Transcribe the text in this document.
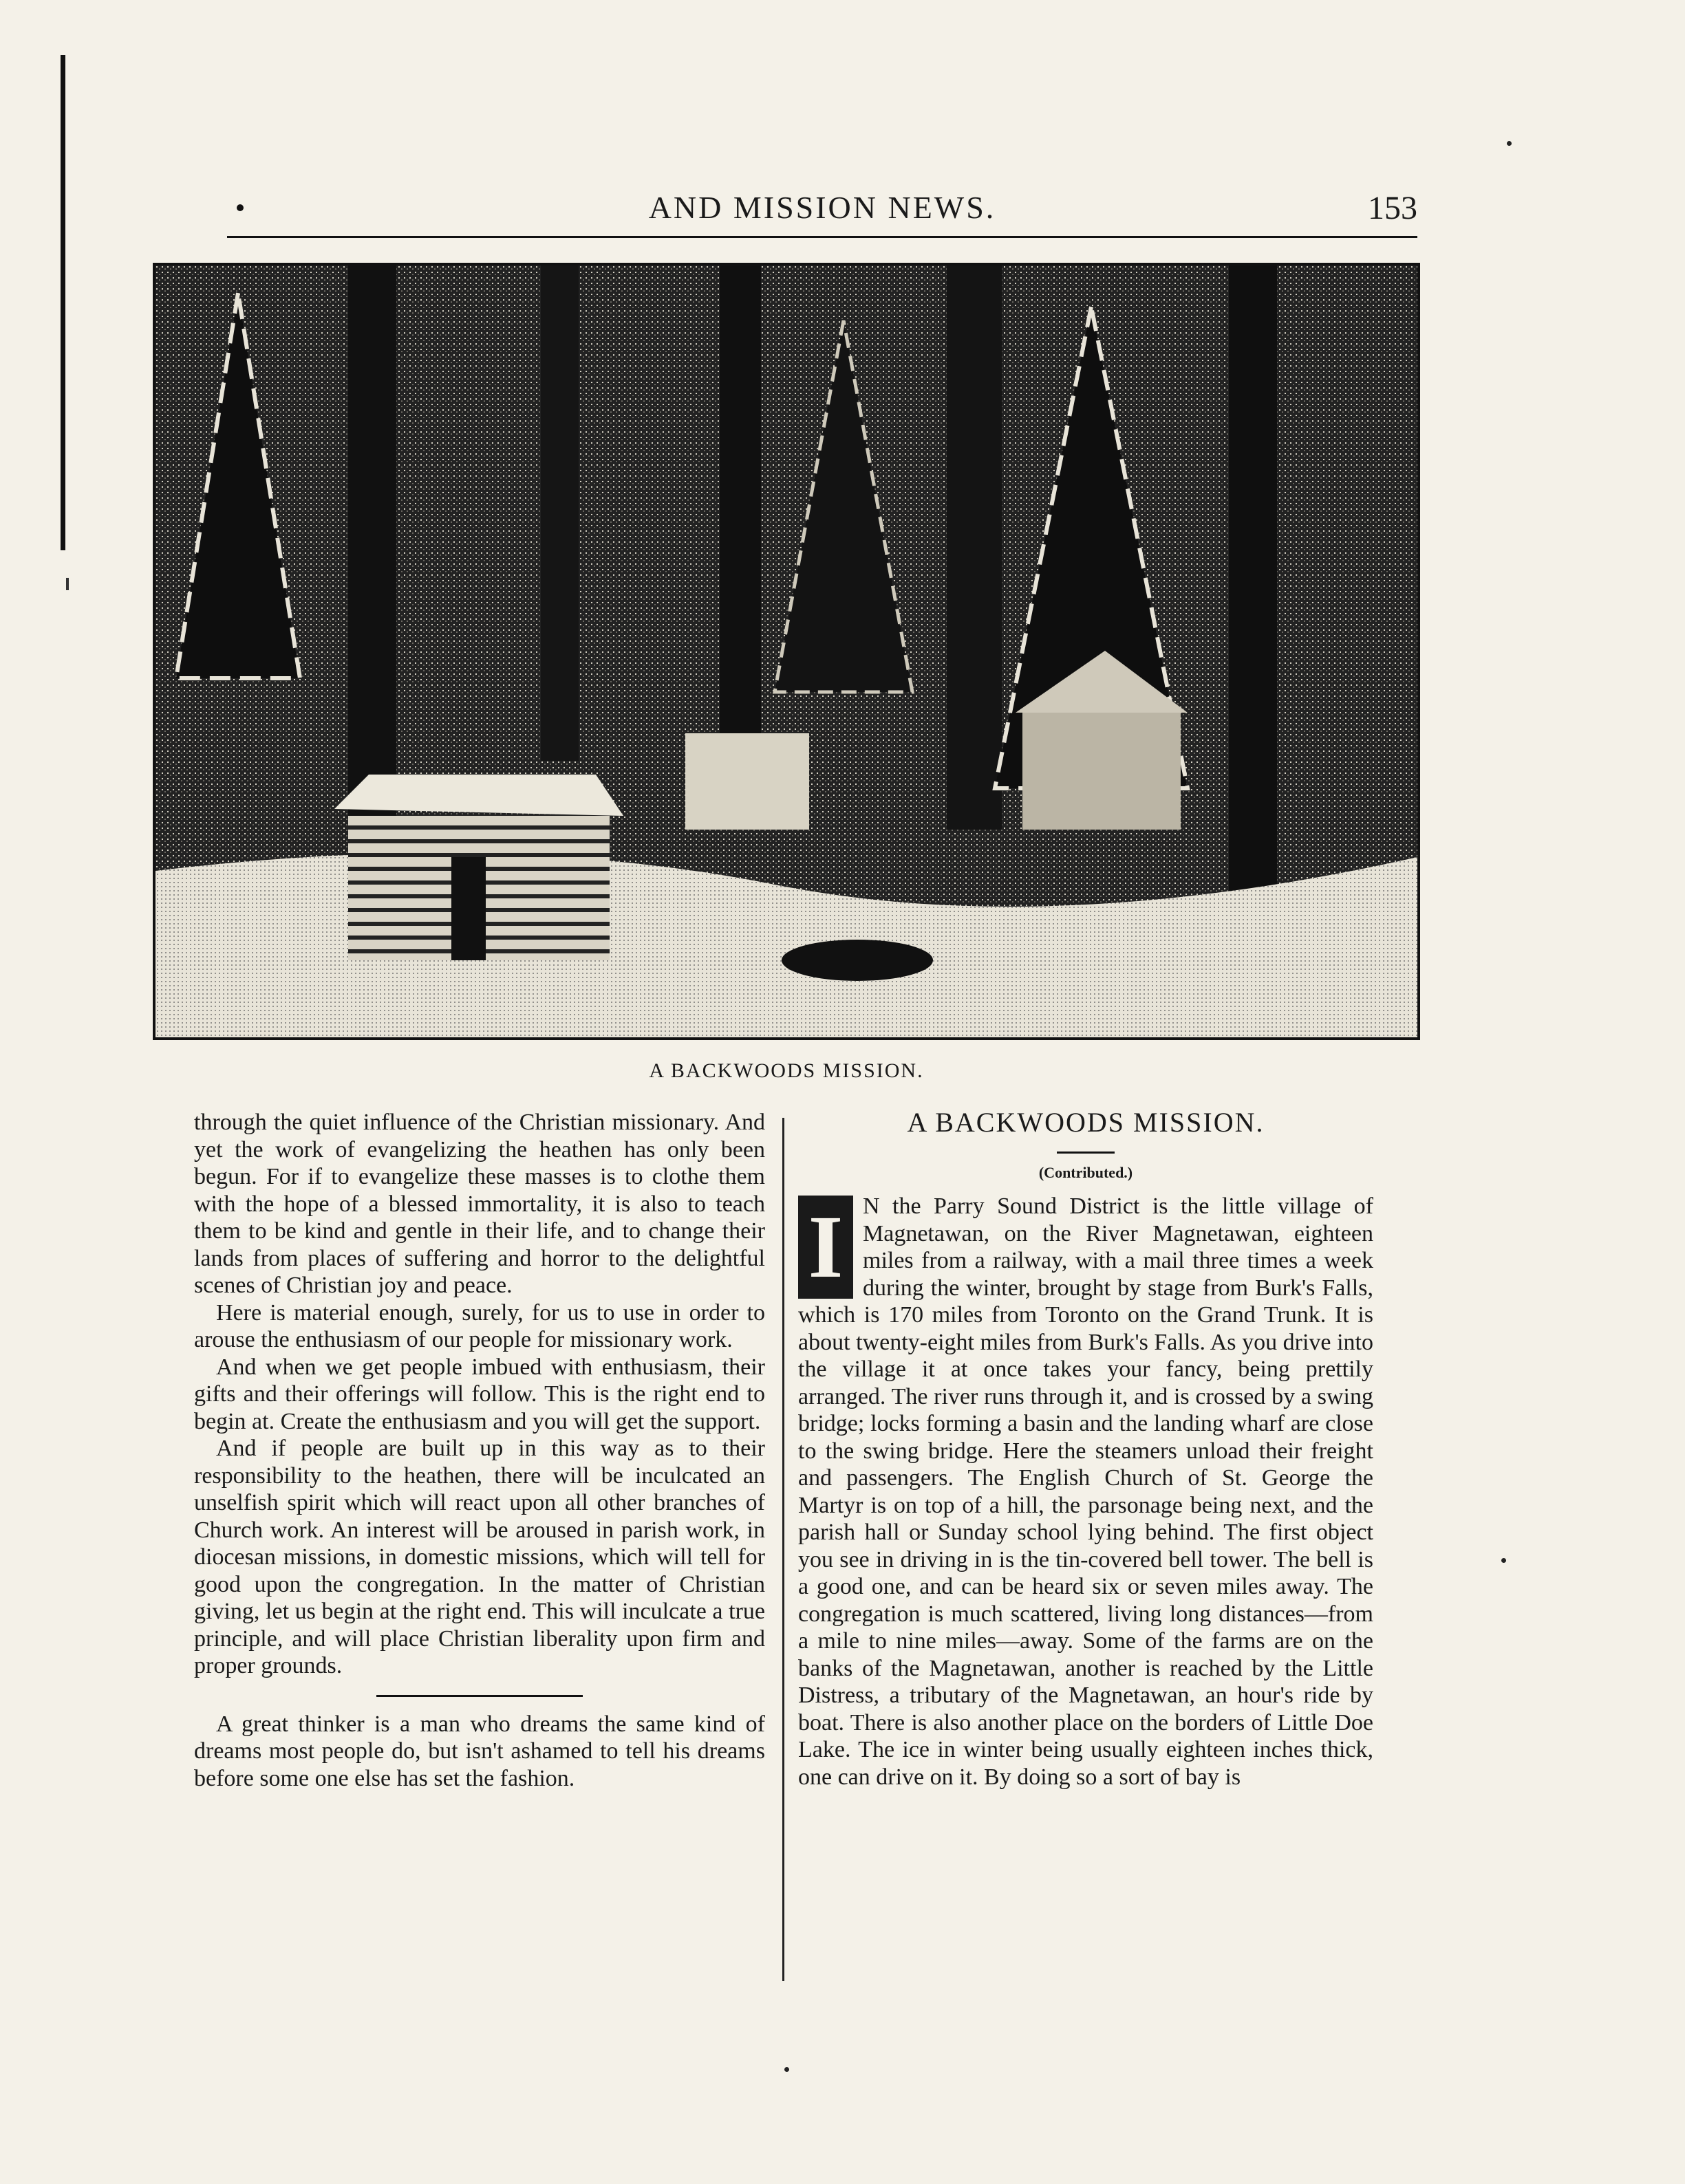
AND MISSION NEWS.	153
A BACKWOODS MISSION.

through the quiet influence of the Christian missionary. And yet the work of evangelizing the heathen has only been begun. For if to evangelize these masses is to clothe them with the hope of a blessed immortality, it is also to teach them to be kind and gentle in their life, and to change their lands from places of suffering and horror to the delightful scenes of Christian joy and peace.

Here is material enough, surely, for us to use in order to arouse the enthusiasm of our people for missionary work.

And when we get people imbued with enthusiasm, their gifts and their offerings will follow. This is the right end to begin at. Create the enthusiasm and you will get the support.

And if people are built up in this way as to their responsibility to the heathen, there will be inculcated an unselfish spirit which will react upon all other branches of Church work. An interest will be aroused in parish work, in diocesan missions, in domestic missions, which will tell for good upon the congregation. In the matter of Christian giving, let us begin at the right end. This will inculcate a true principle, and will place Christian liberality upon firm and proper grounds.

A great thinker is a man who dreams the same kind of dreams most people do, but isn't ashamed to tell his dreams before some one else has set the fashion.

A BACKWOODS MISSION.
(Contributed.)
I N the Parry Sound District is the little village of Magnetawan, on the River Magnetawan, eighteen miles from a railway, with a mail three times a week during the winter, brought by stage from Burk's Falls, which is 170 miles from Toronto on the Grand Trunk. It is about twenty-eight miles from Burk's Falls. As you drive into the village it at once takes your fancy, being prettily arranged. The river runs through it, and is crossed by a swing bridge; locks forming a basin and the landing wharf are close to the swing bridge. Here the steamers unload their freight and passengers. The English Church of St. George the Martyr is on top of a hill, the parsonage being next, and the parish hall or Sunday school lying behind. The first object you see in driving in is the tin-covered bell tower. The bell is a good one, and can be heard six or seven miles away. The congregation is much scattered, living long distances—from a mile to nine miles—away. Some of the farms are on the banks of the Magnetawan, another is reached by the Little Distress, a tributary of the Magnetawan, an hour's ride by boat. There is also another place on the borders of Little Doe Lake. The ice in winter being usually eighteen inches thick, one can drive on it. By doing so a sort of bay is
